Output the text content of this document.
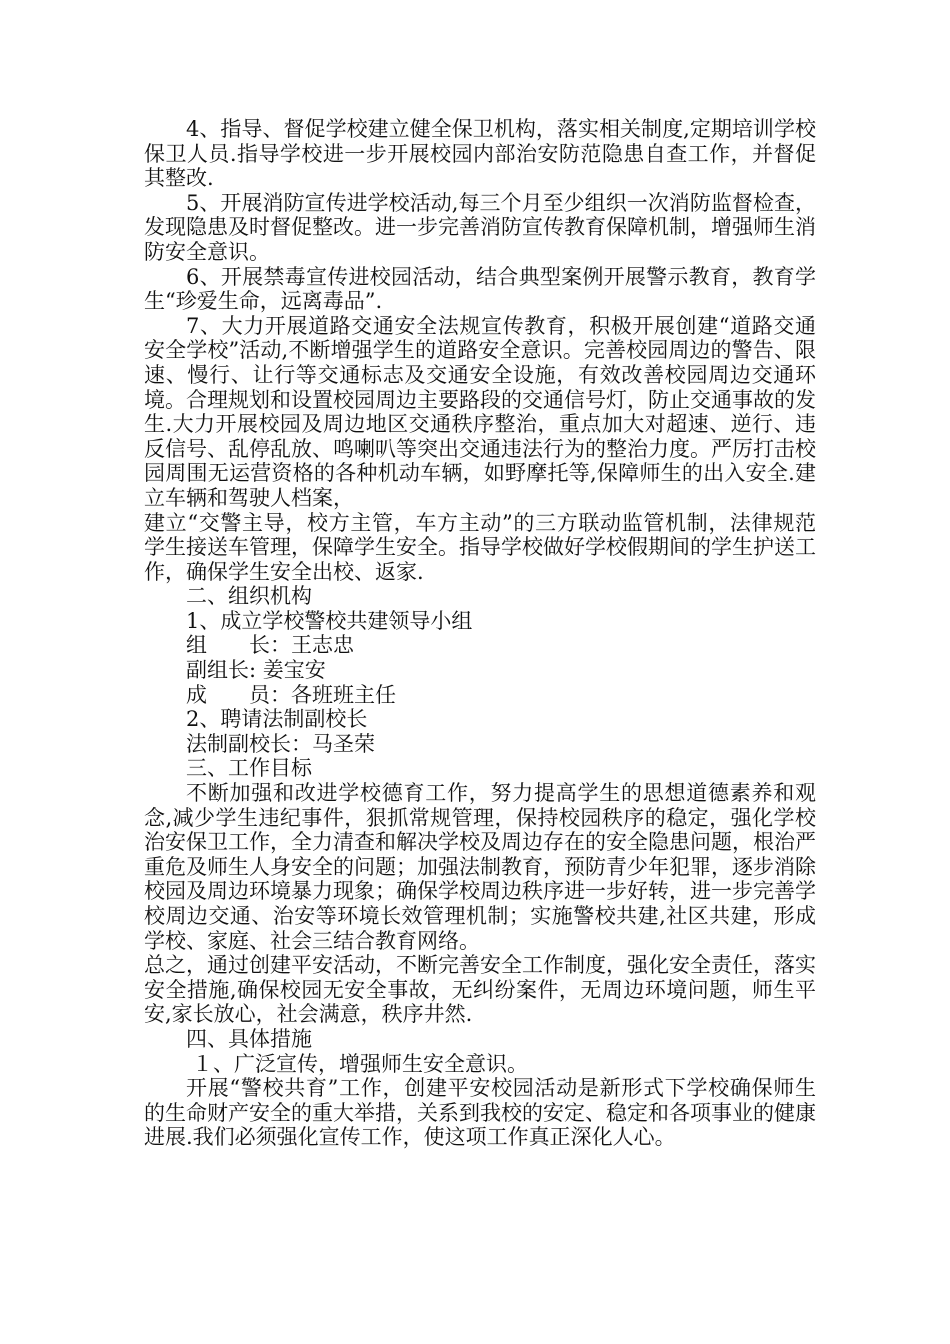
4、指导、督促学校建立健全保卫机构，落实相关制度,定期培训学校保卫人员.指导学校进一步开展校园内部治安防范隐患自查工作，并督促其整改.

5、开展消防宣传进学校活动,每三个月至少组织一次消防监督检查，发现隐患及时督促整改。进一步完善消防宣传教育保障机制，增强师生消防安全意识。

6、开展禁毒宣传进校园活动，结合典型案例开展警示教育，教育学生“珍爱生命，远离毒品”.

7、大力开展道路交通安全法规宣传教育，积极开展创建“道路交通安全学校”活动,不断增强学生的道路安全意识。完善校园周边的警告、限速、慢行、让行等交通标志及交通安全设施，有效改善校园周边交通环境。合理规划和设置校园周边主要路段的交通信号灯，防止交通事故的发生.大力开展校园及周边地区交通秩序整治，重点加大对超速、逆行、违反信号、乱停乱放、鸣喇叭等突出交通违法行为的整治力度。严厉打击校园周围无运营资格的各种机动车辆，如野摩托等,保障师生的出入安全.建立车辆和驾驶人档案，

建立“交警主导，校方主管，车方主动”的三方联动监管机制，法律规范学生接送车管理，保障学生安全。指导学校做好学校假期间的学生护送工作，确保学生安全出校、返家.

二、组织机构

1、成立学校警校共建领导小组

组　　长：王志忠

副组长: 姜宝安

成　　员：各班班主任

2、聘请法制副校长

法制副校长：马圣荣

三、工作目标

不断加强和改进学校德育工作，努力提高学生的思想道德素养和观念,减少学生违纪事件，狠抓常规管理，保持校园秩序的稳定，强化学校治安保卫工作，全力清查和解决学校及周边存在的安全隐患问题，根治严重危及师生人身安全的问题；加强法制教育，预防青少年犯罪，逐步消除校园及周边环境暴力现象；确保学校周边秩序进一步好转，进一步完善学校周边交通、治安等环境长效管理机制；实施警校共建,社区共建，形成学校、家庭、社会三结合教育网络。

总之，通过创建平安活动，不断完善安全工作制度，强化安全责任，落实安全措施,确保校园无安全事故，无纠纷案件，无周边环境问题，师生平安,家长放心，社会满意，秩序井然.

四、具体措施

１、广泛宣传，增强师生安全意识。

开展“警校共育”工作，创建平安校园活动是新形式下学校确保师生的生命财产安全的重大举措，关系到我校的安定、稳定和各项事业的健康进展.我们必须强化宣传工作，使这项工作真正深化人心。
